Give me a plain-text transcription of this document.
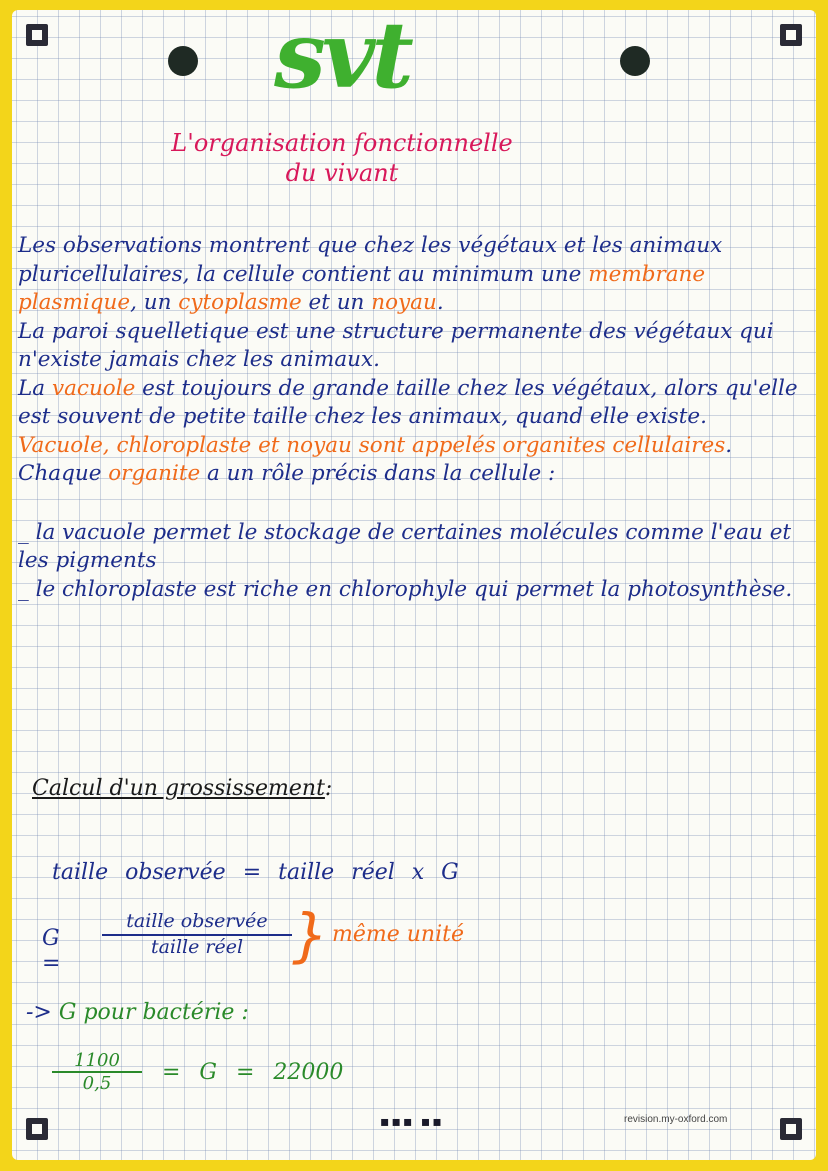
svt
L'organisation fonctionnelle
du vivant

Les observations montrent que chez les végétaux et les animaux pluricellulaires, la cellule contient au minimum une membrane plasmique, un cytoplasme et un noyau.

La paroi squelletique est une structure permanente des végétaux qui n'existe jamais chez les animaux.

La vacuole est toujours de grande taille chez les végétaux, alors qu'elle est souvent de petite taille chez les animaux, quand elle existe.

Vacuole, chloroplaste et noyau sont appelés organites cellulaires. Chaque organite a un rôle précis dans la cellule :

_ la vacuole permet le stockage de certaines molécules comme l'eau et les pigments

_ le chloroplaste est riche en chlorophyle qui permet la photosynthèse.

Calcul d'un grossissement:
taille observée = taille réel x G
G =
taille observée
taille réel } même unité
-> G pour bactérie :
$\frac{1100}{0,5} = G = 22000$
▪▪▪ ▪▪	revision.my-oxford.com
